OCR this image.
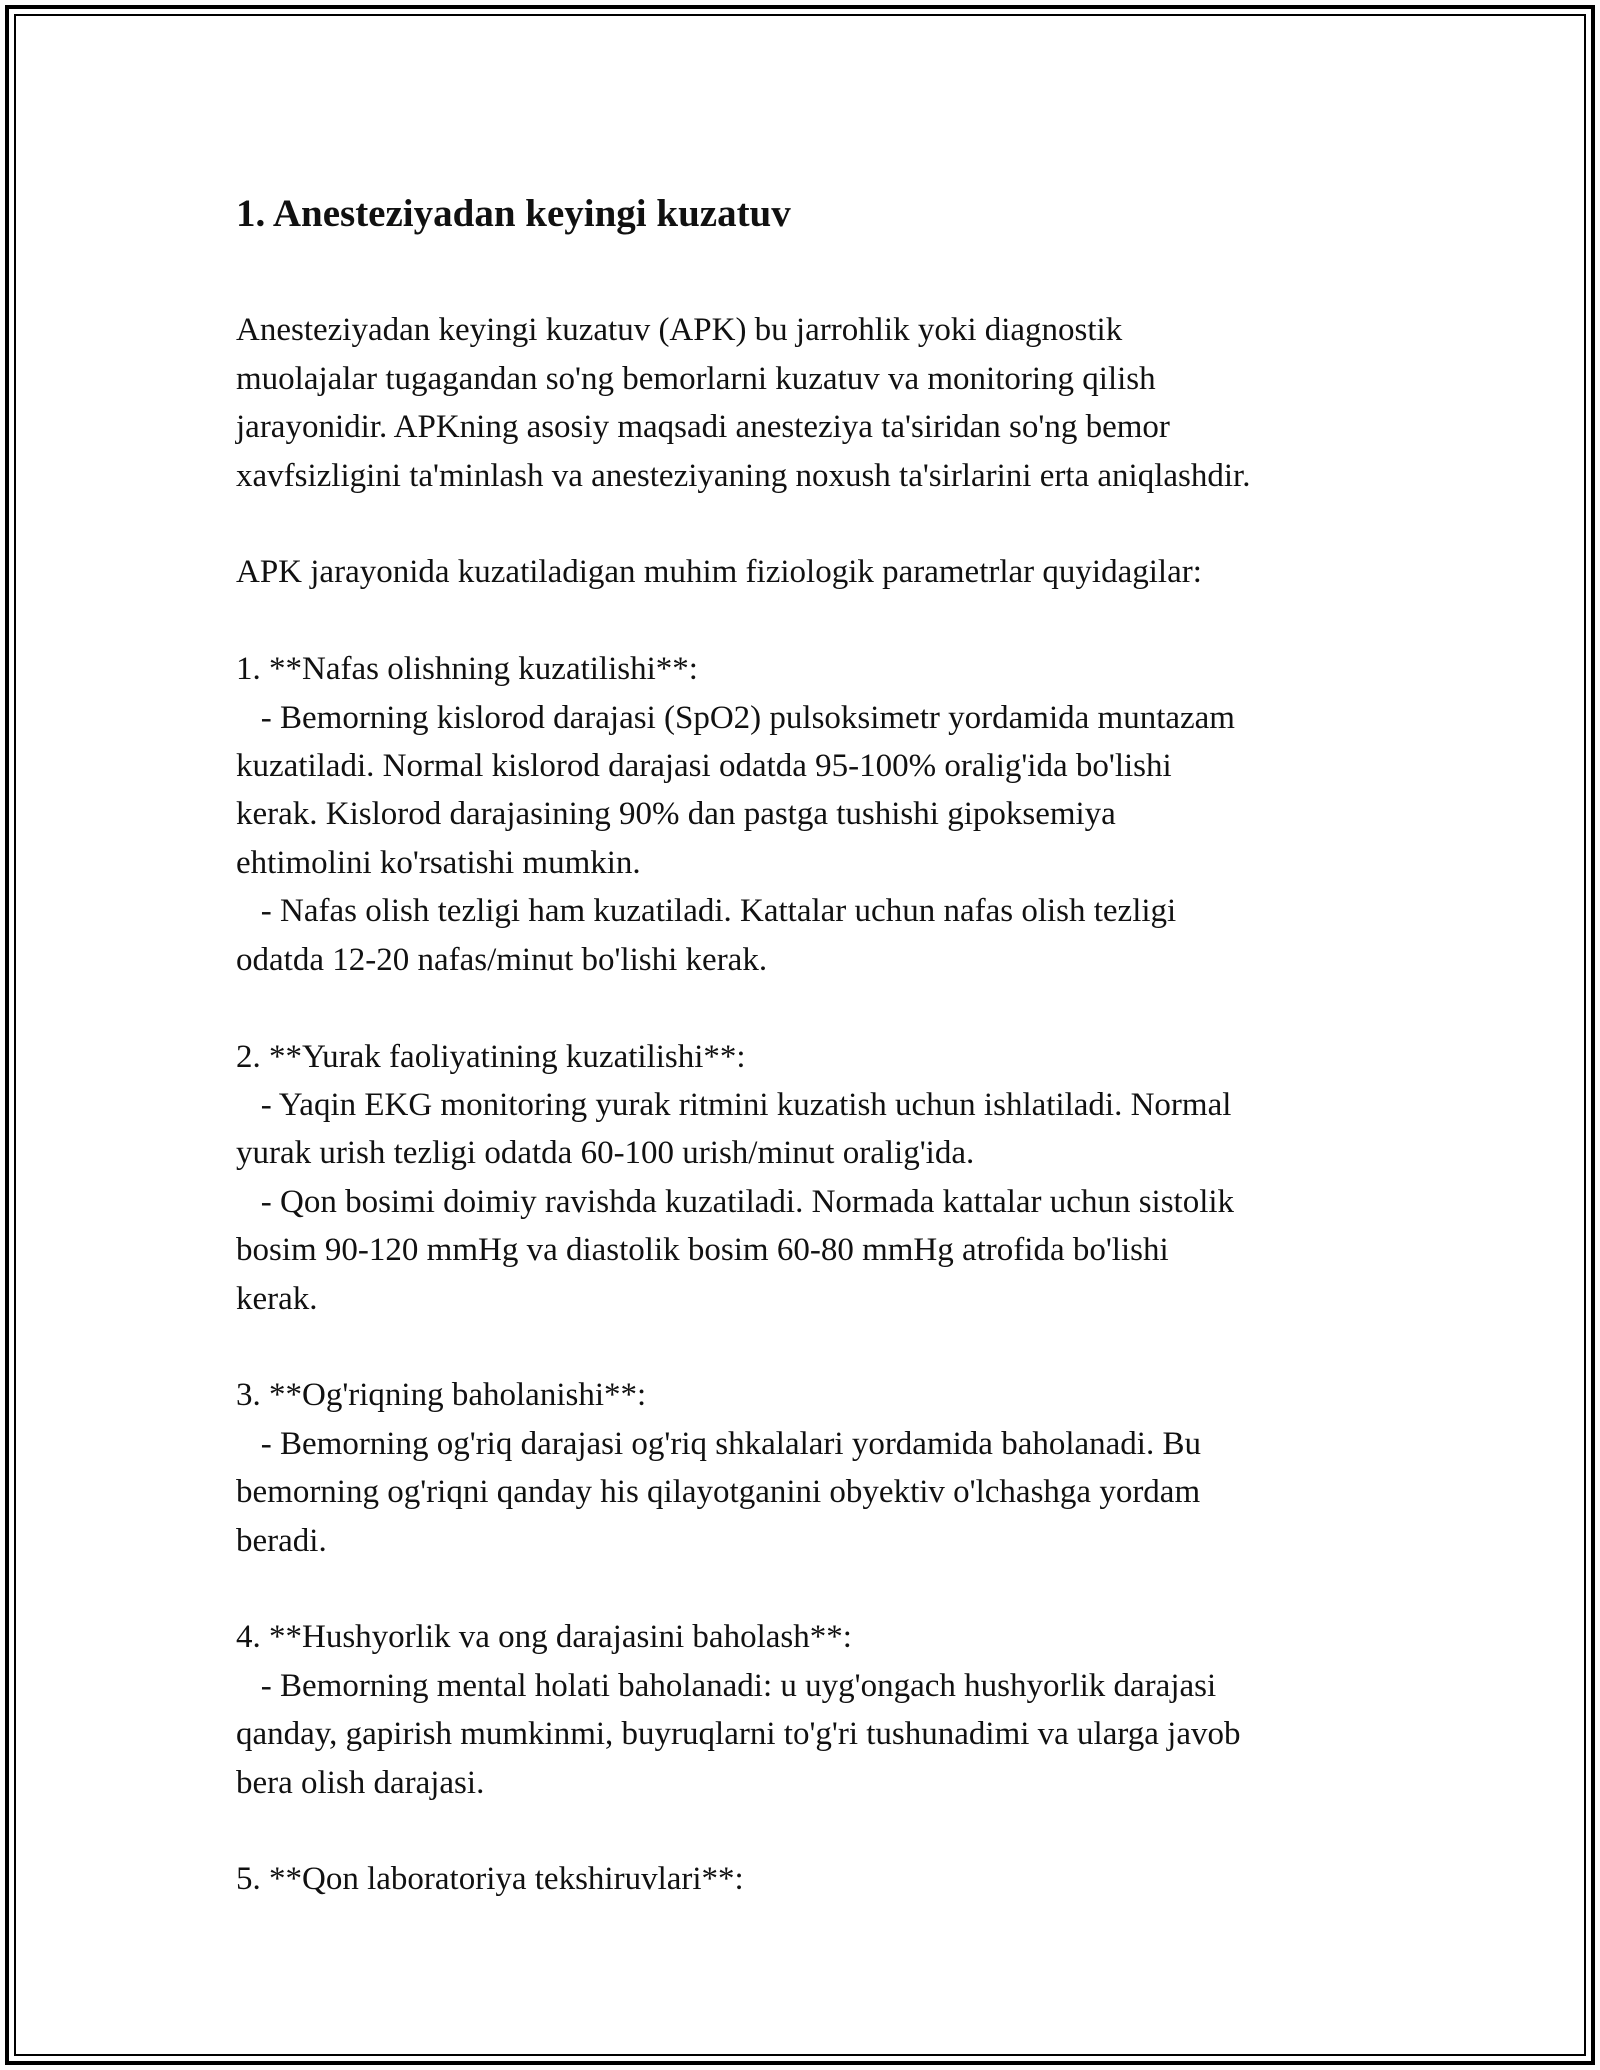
1. Anesteziyadan keyingi kuzatuv

Anesteziyadan keyingi kuzatuv (APK) bu jarrohlik yoki diagnostik
muolajalar tugagandan so'ng bemorlarni kuzatuv va monitoring qilish
jarayonidir. APKning asosiy maqsadi anesteziya ta'siridan so'ng bemor
xavfsizligini ta'minlash va anesteziyaning noxush ta'sirlarini erta aniqlashdir.

APK jarayonida kuzatiladigan muhim fiziologik parametrlar quyidagilar:

1. **Nafas olishning kuzatilishi**:
- Bemorning kislorod darajasi (SpO2) pulsoksimetr yordamida muntazam
kuzatiladi. Normal kislorod darajasi odatda 95-100% oralig'ida bo'lishi
kerak. Kislorod darajasining 90% dan pastga tushishi gipoksemiya
ehtimolini ko'rsatishi mumkin.
- Nafas olish tezligi ham kuzatiladi. Kattalar uchun nafas olish tezligi
odatda 12-20 nafas/minut bo'lishi kerak.

2. **Yurak faoliyatining kuzatilishi**:
- Yaqin EKG monitoring yurak ritmini kuzatish uchun ishlatiladi. Normal
yurak urish tezligi odatda 60-100 urish/minut oralig'ida.
- Qon bosimi doimiy ravishda kuzatiladi. Normada kattalar uchun sistolik
bosim 90-120 mmHg va diastolik bosim 60-80 mmHg atrofida bo'lishi
kerak.

3. **Og'riqning baholanishi**:
- Bemorning og'riq darajasi og'riq shkalalari yordamida baholanadi. Bu
bemorning og'riqni qanday his qilayotganini obyektiv o'lchashga yordam
beradi.

4. **Hushyorlik va ong darajasini baholash**:
- Bemorning mental holati baholanadi: u uyg'ongach hushyorlik darajasi
qanday, gapirish mumkinmi, buyruqlarni to'g'ri tushunadimi va ularga javob
bera olish darajasi.

5. **Qon laboratoriya tekshiruvlari**:
